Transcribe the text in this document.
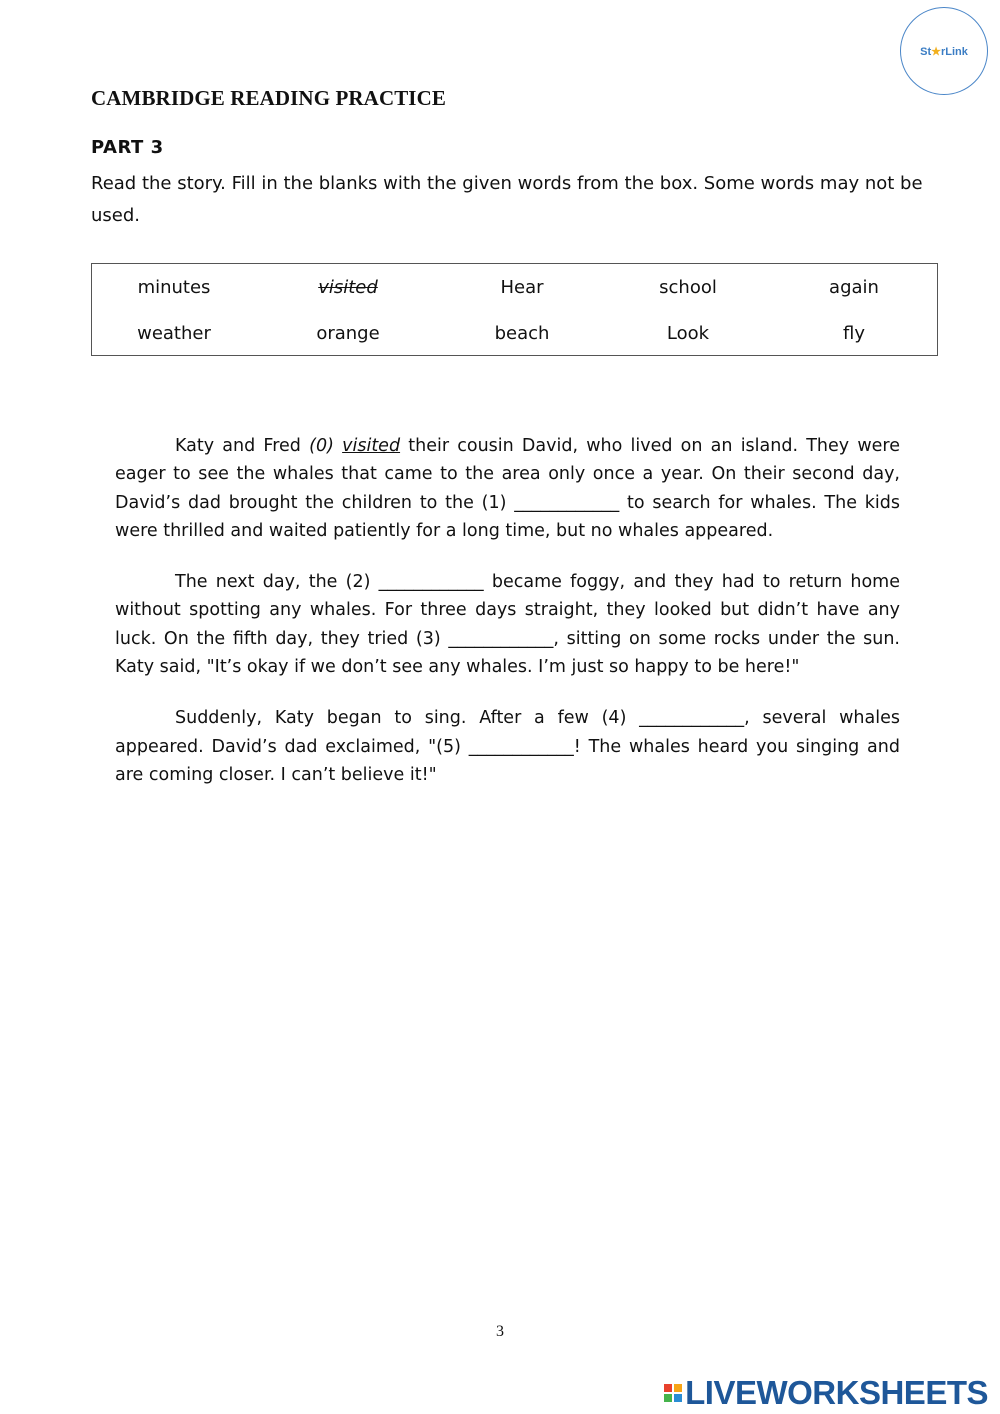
St★rLink
CAMBRIDGE READING PRACTICE
PART 3

Read the story. Fill in the blanks with the given words from the box. Some words may not be used.

minutes	visited	Hear	school	again
weather	orange	beach	Look	fly

Katy and Fred (0) visited their cousin David, who lived on an island. They were eager to see the whales that came to the area only once a year. On their second day, David’s dad brought the children to the (1) ____________ to search for whales. The kids were thrilled and waited patiently for a long time, but no whales appeared.

The next day, the (2) ____________ became foggy, and they had to return home without spotting any whales. For three days straight, they looked but didn’t have any luck. On the fifth day, they tried (3) ____________, sitting on some rocks under the sun. Katy said, "It’s okay if we don’t see any whales. I’m just so happy to be here!"

Suddenly, Katy began to sing. After a few (4) ____________, several whales appeared. David’s dad exclaimed, "(5) ____________! The whales heard you singing and are coming closer. I can’t believe it!"

3
LIVEWORKSHEETS
